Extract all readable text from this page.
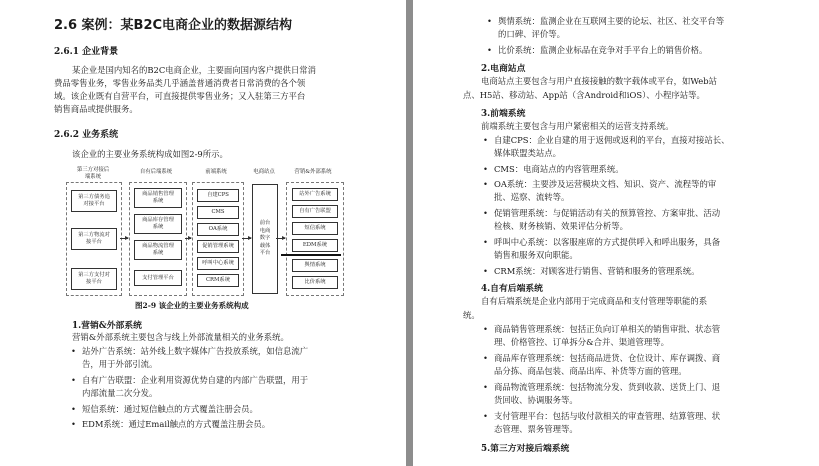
2.6 案例：某B2C电商企业的数据源结构
2.6.1 企业背景
某企业是国内知名的B2C电商企业，主要面向国内客户提供日常消
费品零售业务，零售业务品类几乎涵盖普通消费者日常消费的各个领
域。该企业既有自营平台，可直接提供零售业务；又入驻第三方平台
销售商品或提供服务。
2.6.2 业务系统
该企业的主要业务系统构成如图2-9所示。
第三方对接后
端系统
自有后端系统	前端系统	电商站点	营销&外部系统
第三方债务追
对接平台
第三方物流对
接平台
第三方支付对
接平台
商品销售管理
系统
商品库存管理
系统
商品物流管理
系统
支付管理平台
自建CPS
CMS
OA系统
促销管理系统
呼叫中心系统
CRM系统
前台
电商
数字
载体
平台
站外广告系统
自有广告联盟
短信系统
EDM系统
舆情系统
比价系统
图2-9 该企业的主要业务系统构成
1.营销&外部系统
营销&外部系统主要包含与线上外部流量相关的业务系统。
• 站外广告系统：站外线上数字媒体广告投放系统，如信息流广
告，用于外部引流。
• 自有广告联盟：企业利用资源优势自建的内部广告联盟，用于
内部流量二次分发。
• 短信系统：通过短信触点的方式覆盖注册会员。
• EDM系统：通过Email触点的方式覆盖注册会员。
• 舆情系统：监测企业在互联网主要的论坛、社区、社交平台等
的口碑、评价等。
• 比价系统：监测企业标品在竞争对手平台上的销售价格。
2.电商站点
电商站点主要包含与用户直接接触的数字载体或平台，如Web站
点、H5站、移动站、App站（含Android和iOS）、小程序站等。
3.前端系统
前端系统主要包含与用户紧密相关的运营支持系统。
• 自建CPS：企业自建的用于返佣或返利的平台，直接对接站长、
媒体联盟类站点。
• CMS：电商站点的内容管理系统。
• OA系统：主要涉及运营模块文档、知识、资产、流程等的审
批、巡察、流转等。
• 促销管理系统：与促销活动有关的预算管控、方案审批、活动
检核、财务核销、效果评估分析等。
• 呼叫中心系统：以客服座席的方式提供呼入和呼出服务，具备
销售和服务双向职能。
• CRM系统：对顾客进行销售、营销和服务的管理系统。
4.自有后端系统
自有后端系统是企业内部用于完成商品和支付管理等职能的系
统。
• 商品销售管理系统：包括正负向订单相关的销售审批、状态管
理、价格管控、订单拆分&合并、渠道管理等。
• 商品库存管理系统：包括商品进货、仓位设计、库存调拨、商
品分拣、商品包装、商品出库、补货等方面的管理。
• 商品物流管理系统：包括物流分发、货到收款、送货上门、退
货回收、协调服务等。
• 支付管理平台：包括与收付款相关的审查管理、结算管理、状
态管理、票务管理等。
5.第三方对接后端系统
